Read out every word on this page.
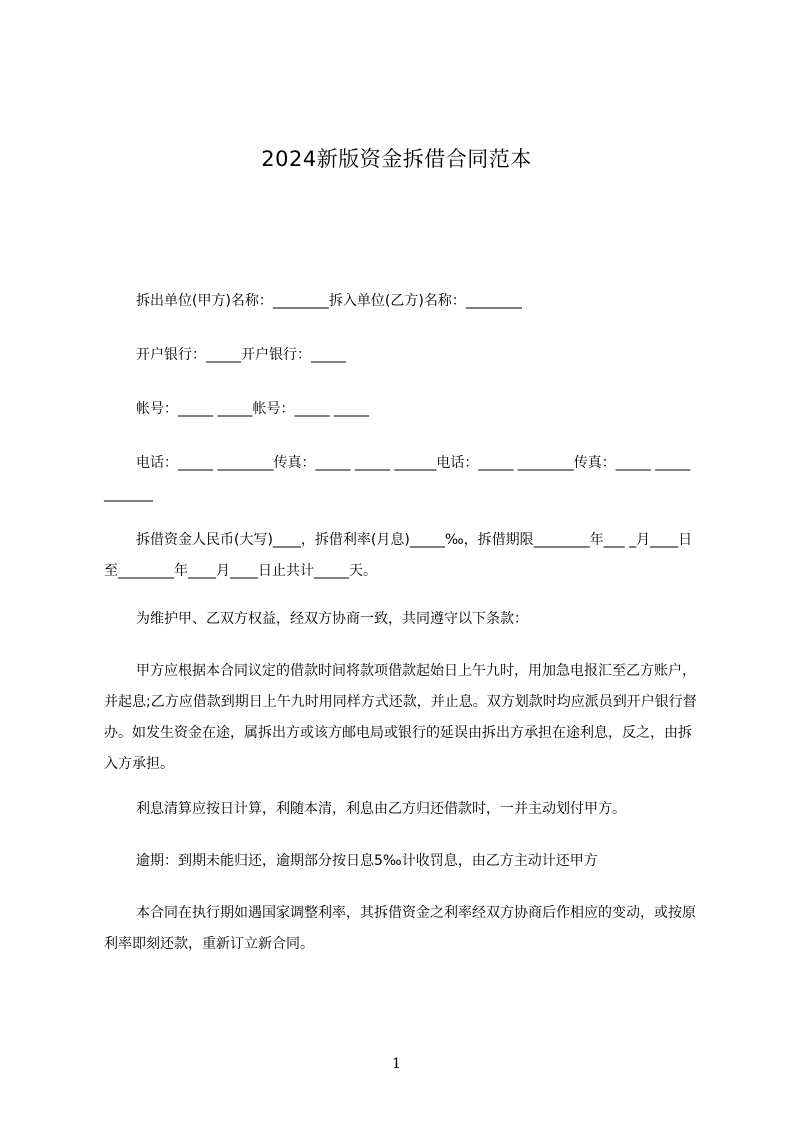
2024新版资金拆借合同范本

拆出单位(甲方)名称：________拆入单位(乙方)名称：________

开户银行：_____开户银行：_____

帐号：_____ _____帐号：_____ _____

电话：_____ ________传真：_____ _____ ______电话：_____ ________传真：_____ _____ _______

拆借资金人民币(大写)____，拆借利率(月息)_____‰，拆借期限________年___ _月____日至________年____月____日止共计_____天。

为维护甲、乙双方权益，经双方协商一致，共同遵守以下条款：

甲方应根据本合同议定的借款时间将款项借款起始日上午九时，用加急电报汇至乙方账户，并起息;乙方应借款到期日上午九时用同样方式还款，并止息。双方划款时均应派员到开户银行督办。如发生资金在途，属拆出方或该方邮电局或银行的延误由拆出方承担在途利息，反之，由拆入方承担。

利息清算应按日计算，利随本清，利息由乙方归还借款时，一并主动划付甲方。

逾期：到期未能归还，逾期部分按日息5‰计收罚息，由乙方主动计还甲方

本合同在执行期如遇国家调整利率，其拆借资金之利率经双方协商后作相应的变动，或按原利率即刻还款，重新订立新合同。

1
